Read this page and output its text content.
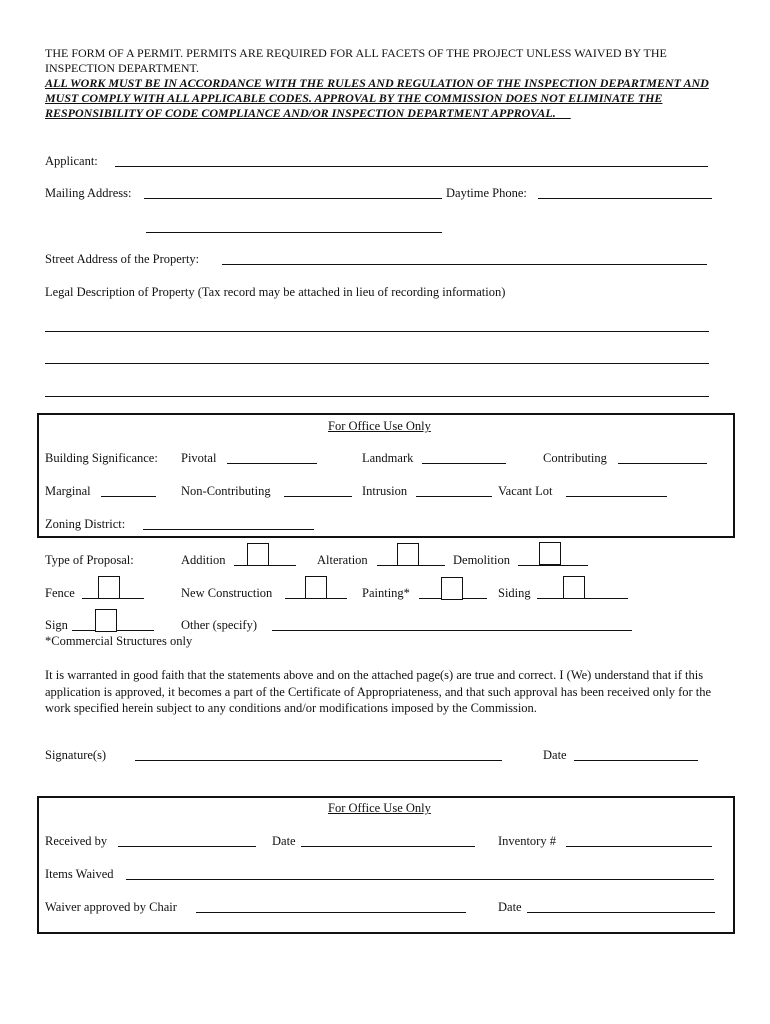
THE FORM OF A PERMIT. PERMITS ARE REQUIRED FOR ALL FACETS OF THE PROJECT UNLESS WAIVED BY THE INSPECTION DEPARTMENT.
ALL WORK MUST BE IN ACCORDANCE WITH THE RULES AND REGULATION OF THE INSPECTION DEPARTMENT AND MUST COMPLY WITH ALL APPLICABLE CODES. APPROVAL BY THE COMMISSION DOES NOT ELIMINATE THE RESPONSIBILITY OF CODE COMPLIANCE AND/OR INSPECTION DEPARTMENT APPROVAL.
Applicant:
Mailing Address:	Daytime Phone:
Street Address of the Property:
Legal Description of Property (Tax record may be attached in lieu of recording information)
For Office Use Only
Building Significance: Pivotal	Landmark	Contributing
Marginal	Non-Contributing	Intrusion	Vacant Lot
Zoning District:
Type of Proposal:	Addition	Alteration	Demolition
Fence	New Construction	Painting*	Siding
Sign	Other (specify)
*Commercial Structures only
It is warranted in good faith that the statements above and on the attached page(s) are true and correct. I (We) understand that if this application is approved, it becomes a part of the Certificate of Appropriateness, and that such approval has been received only for the work specified herein subject to any conditions and/or modifications imposed by the Commission.
Signature(s)	Date
For Office Use Only
Received by	Date	Inventory #
Items Waived
Waiver approved by Chair	Date
